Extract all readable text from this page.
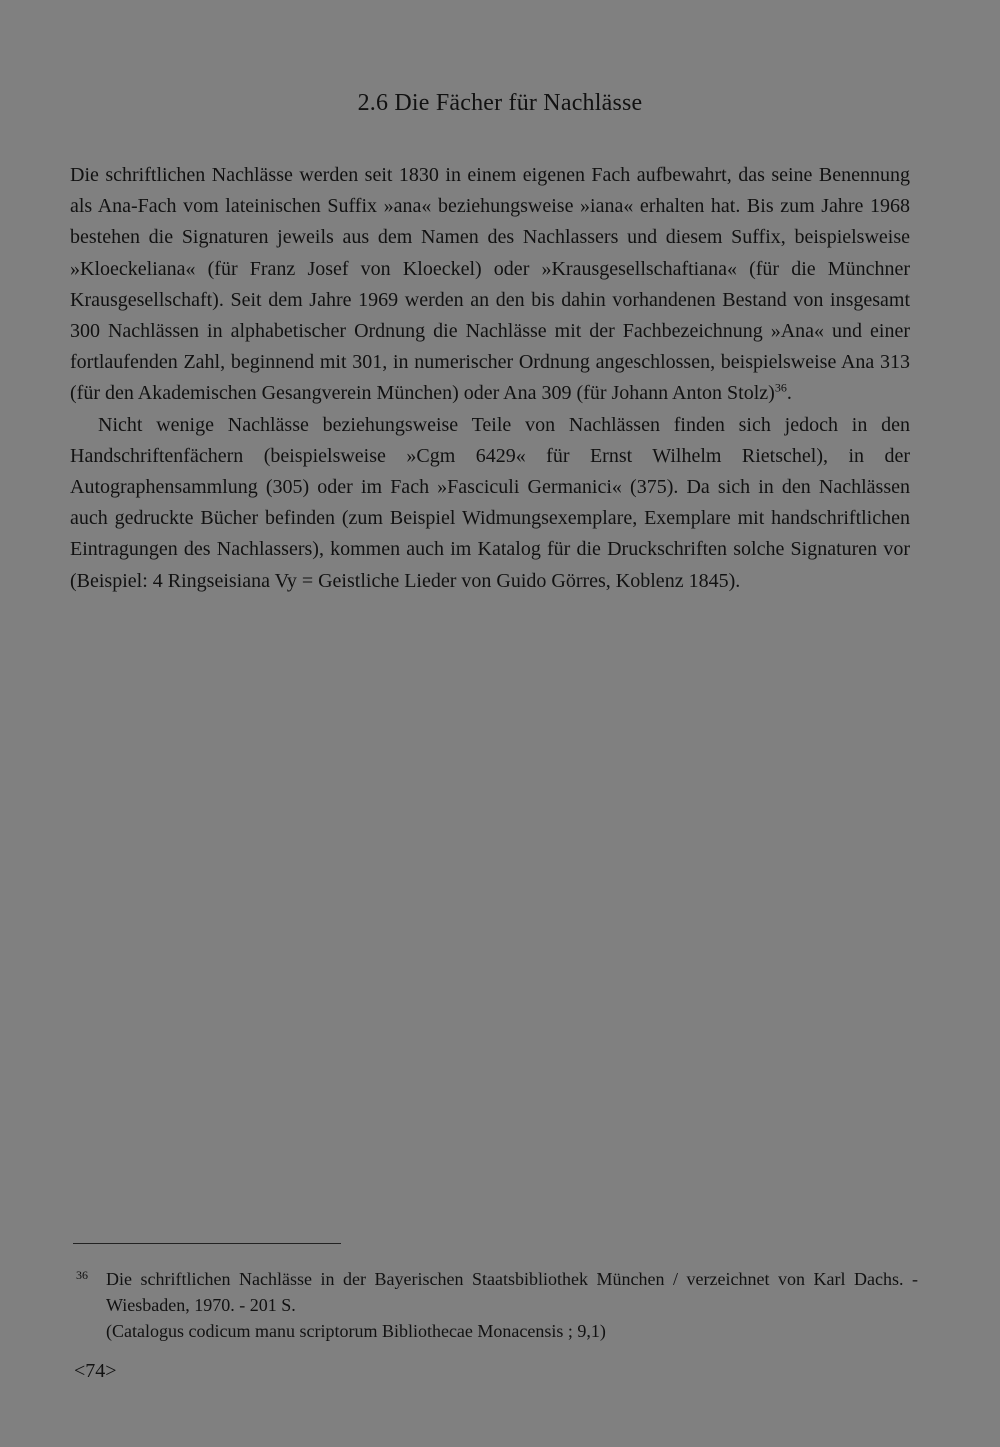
2.6 Die Fächer für Nachlässe

Die schriftlichen Nachlässe werden seit 1830 in einem eigenen Fach aufbewahrt, das seine Benennung als Ana-Fach vom lateinischen Suffix »ana« beziehungsweise »iana« erhalten hat. Bis zum Jahre 1968 bestehen die Signaturen jeweils aus dem Namen des Nachlassers und diesem Suffix, beispielsweise »Kloeckeliana« (für Franz Josef von Kloeckel) oder »Krausgesellschaftiana« (für die Münchner Krausgesellschaft). Seit dem Jahre 1969 werden an den bis dahin vorhandenen Bestand von insgesamt 300 Nachlässen in alphabetischer Ordnung die Nachlässe mit der Fachbezeichnung »Ana« und einer fortlaufenden Zahl, beginnend mit 301, in numerischer Ordnung angeschlossen, beispielsweise Ana 313 (für den Akademischen Gesangverein München) oder Ana 309 (für Johann Anton Stolz)$^{36}$.

Nicht wenige Nachlässe beziehungsweise Teile von Nachlässen finden sich jedoch in den Handschriftenfächern (beispielsweise »Cgm 6429« für Ernst Wilhelm Rietschel), in der Autographensammlung (305) oder im Fach »Fasciculi Germanici« (375). Da sich in den Nachlässen auch gedruckte Bücher befinden (zum Beispiel Widmungsexemplare, Exemplare mit handschriftlichen Eintragungen des Nachlassers), kommen auch im Katalog für die Druckschriften solche Signaturen vor (Beispiel: 4 Ringseisiana Vy = Geistliche Lieder von Guido Görres, Koblenz 1845).

36 Die schriftlichen Nachlässe in der Bayerischen Staatsbibliothek München / verzeichnet von Karl Dachs. - Wiesbaden, 1970. - 201 S.
(Catalogus codicum manu scriptorum Bibliothecae Monacensis ; 9,1)
<74>
